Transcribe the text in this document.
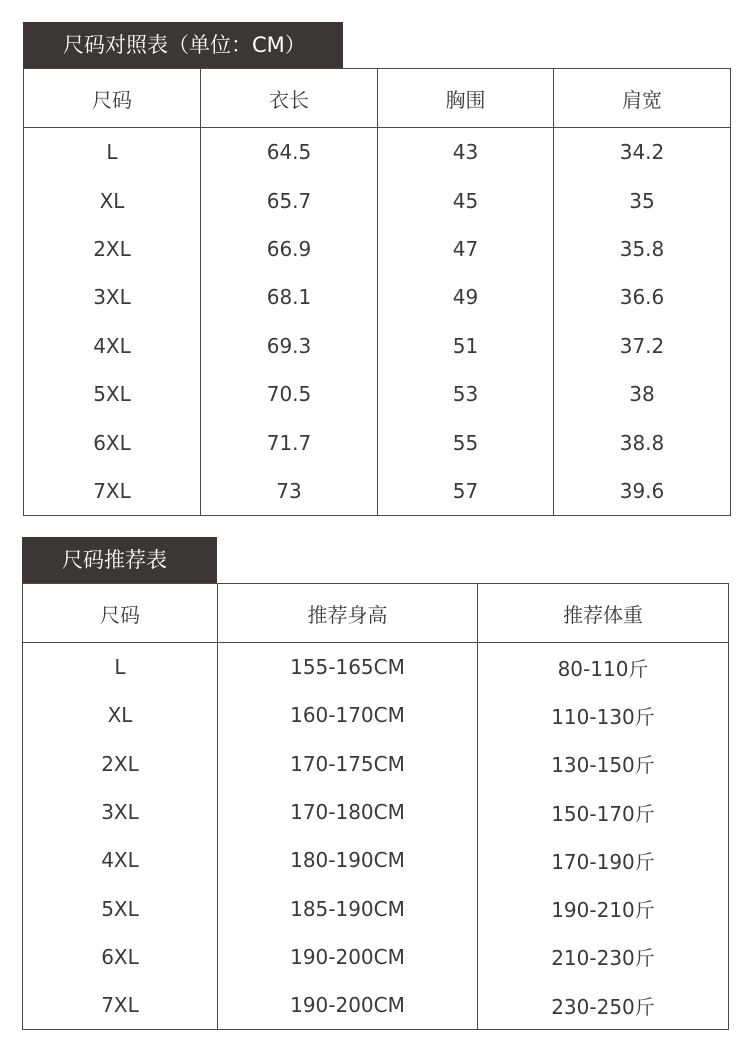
尺码对照表（单位：CM）
尺码	衣长	胸围	肩宽
L	64.5	43	34.2
XL	65.7	45	35
2XL	66.9	47	35.8
3XL	68.1	49	36.6
4XL	69.3	51	37.2
5XL	70.5	53	38
6XL	71.7	55	38.8
7XL	73	57	39.6
尺码推荐表
尺码	推荐身高	推荐体重
L	155-165CM	80-110斤
XL	160-170CM	110-130斤
2XL	170-175CM	130-150斤
3XL	170-180CM	150-170斤
4XL	180-190CM	170-190斤
5XL	185-190CM	190-210斤
6XL	190-200CM	210-230斤
7XL	190-200CM	230-250斤
